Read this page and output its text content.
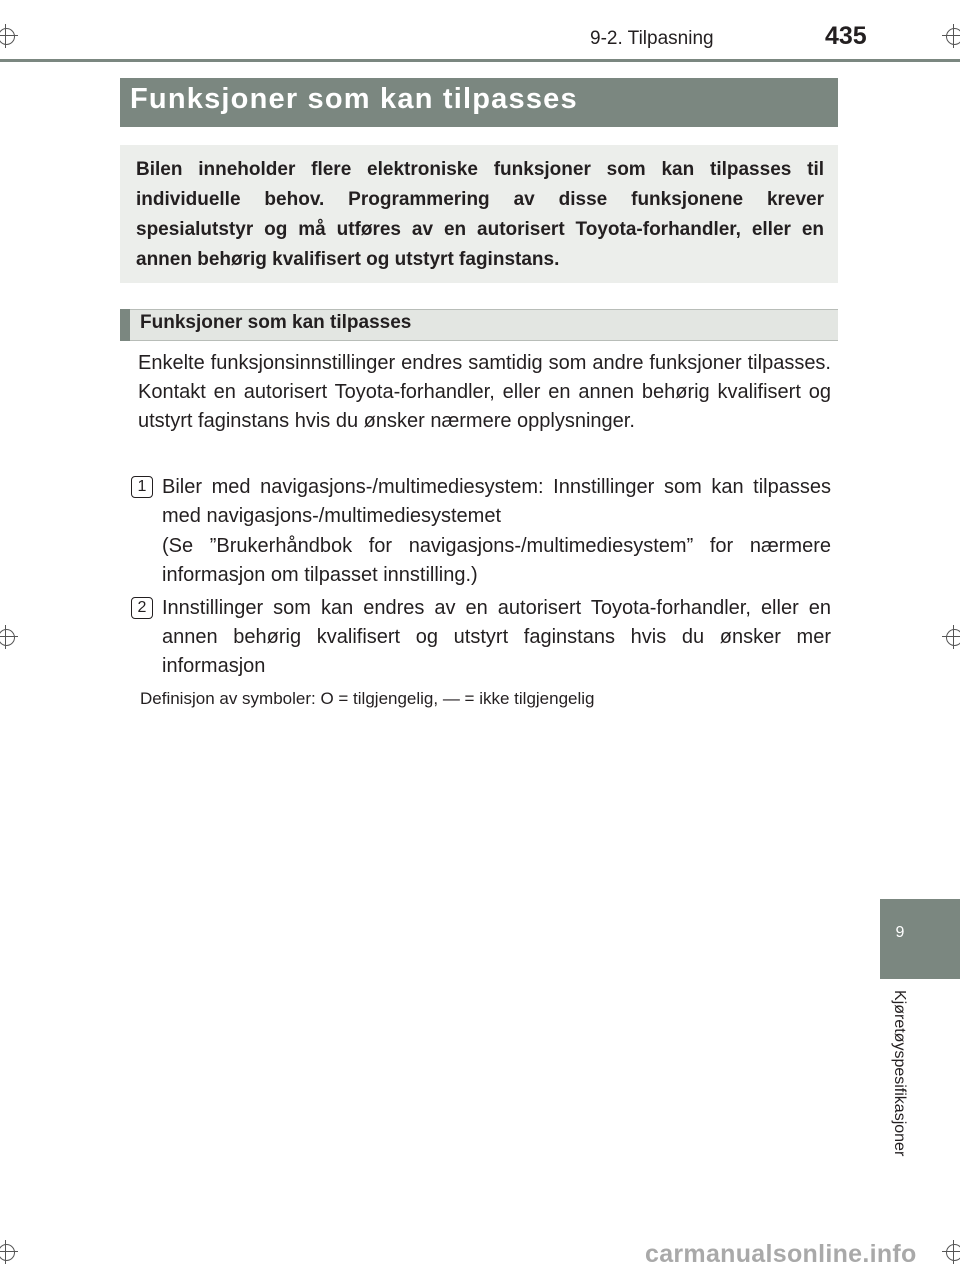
9-2. Tilpasning	435
Funksjoner som kan tilpasses
Bilen inneholder flere elektroniske funksjoner som kan tilpasses til individuelle behov. Programmering av disse funksjonene krever spesialutstyr og må utføres av en autorisert Toyota-forhandler, eller en annen behørig kvalifisert og utstyrt faginstans.
Funksjoner som kan tilpasses
Enkelte funksjonsinnstillinger endres samtidig som andre funksjoner tilpasses. Kontakt en autorisert Toyota-forhandler, eller en annen behørig kvalifisert og utstyrt faginstans hvis du ønsker nærmere opplysninger.
1 Biler med navigasjons-/multimediesystem: Innstillinger som kan tilpasses med navigasjons-/multimediesystemet
(Se ”Brukerhåndbok for navigasjons-/multimediesystem” for nærmere informasjon om tilpasset innstilling.)
2 Innstillinger som kan endres av en autorisert Toyota-forhandler, eller en annen behørig kvalifisert og utstyrt faginstans hvis du ønsker mer informasjon
Definisjon av symboler: O = tilgjengelig, — = ikke tilgjengelig
9
Kjøretøyspesifikasjoner
carmanualsonline.info
